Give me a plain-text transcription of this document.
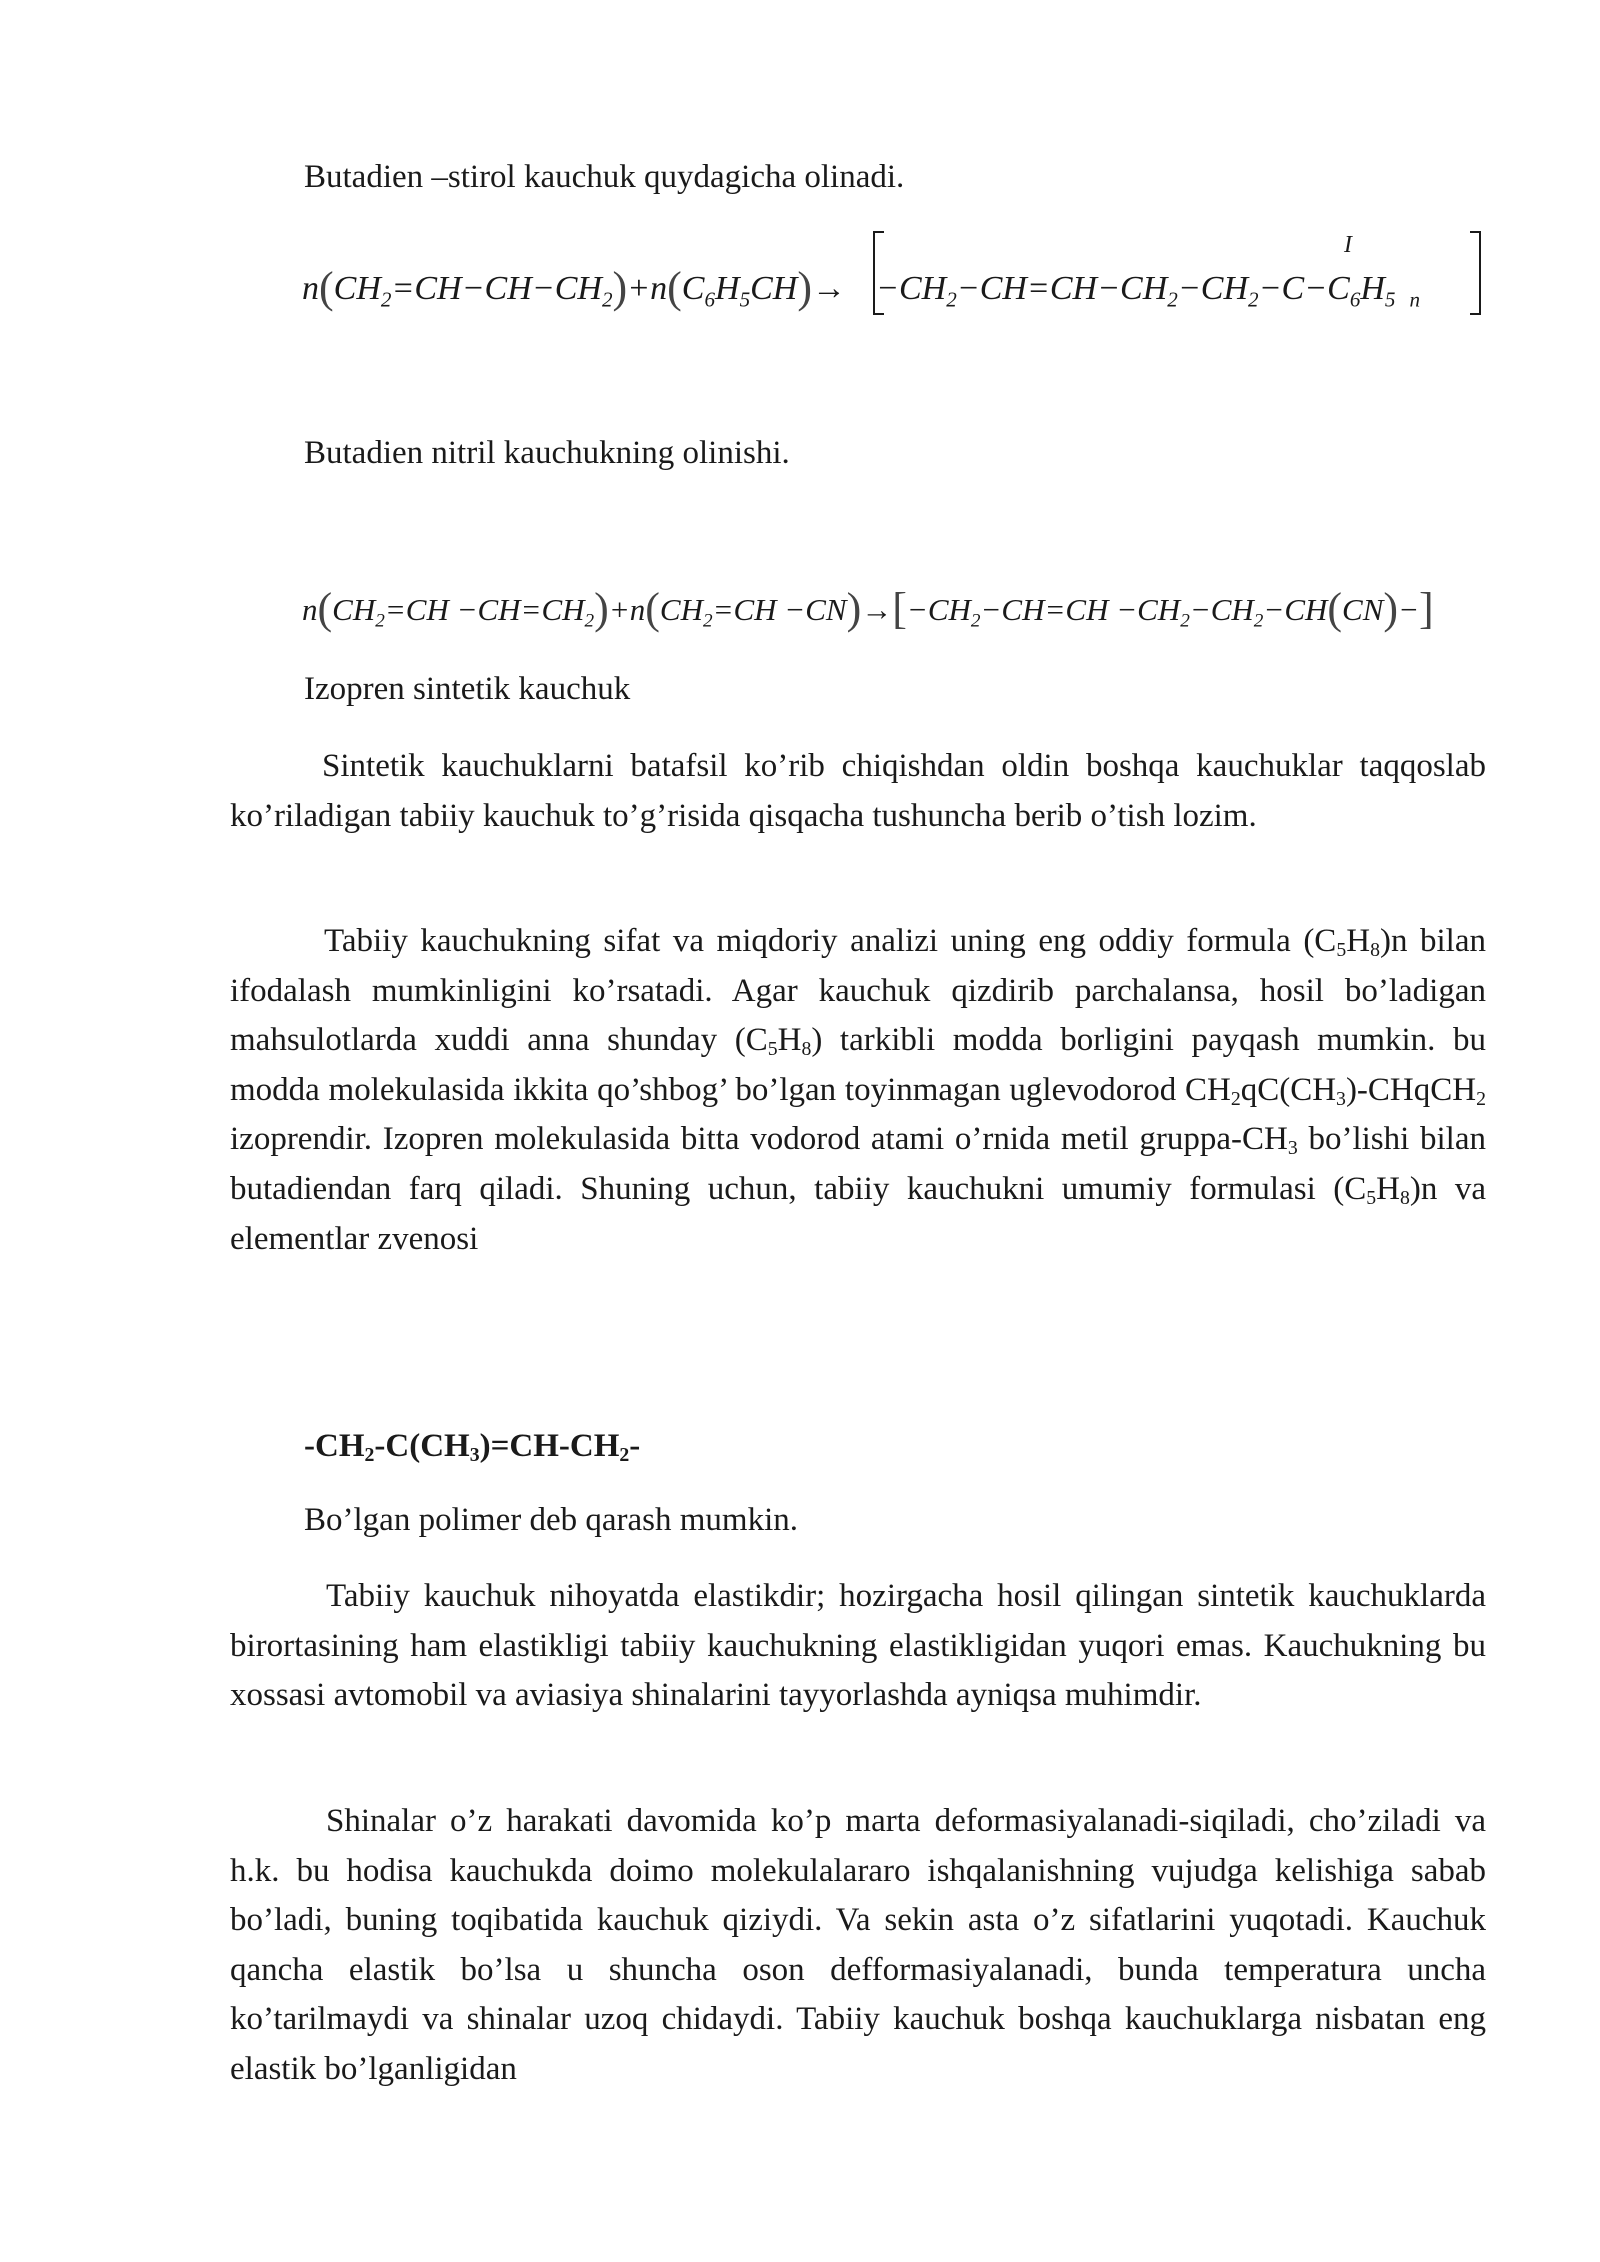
Butadien –stirol kauchuk quydagicha olinadi.
$n(CH_2=CH-CH-CH_2)+n(C_6H_5CH)\to -CH_2-CH=CH-CH_2-CH_2-C-C_6H_5$ $_n$
I
Butadien nitril kauchukning olinishi.
$n(CH_2=CH -CH=CH_2)+n(CH_2=CH -CN)\to[-CH_2-CH=CH -CH_2-CH_2-CH(CN)-]$
Izopren sintetik kauchuk
Sintetik kauchuklarni batafsil ko’rib chiqishdan oldin boshqa kauchuklar taqqoslab ko’riladigan tabiiy kauchuk to’g’risida qisqacha tushuncha berib o’tish lozim.
Tabiiy kauchukning sifat va miqdoriy analizi uning eng oddiy formula $(C_5H_8)n$ bilan ifodalash mumkinligini ko’rsatadi. Agar kauchuk qizdirib parchalansa, hosil bo’ladigan mahsulotlarda xuddi anna shunday $(C_5H_8)$ tarkibli modda borligini payqash mumkin. bu modda molekulasida ikkita qo’shbog’ bo’lgan toyinmagan uglevodorod $CH_2qC(CH_3)-CHqCH_2$ izoprendir. Izopren molekulasida bitta vodorod atami o’rnida metil gruppa-$CH_3$ bo’lishi bilan butadiendan farq qiladi. Shuning uchun, tabiiy kauchukni umumiy formulasi $(C_5H_8)n$ va elementlar zvenosi
$-CH_2-C(CH_3)=CH-CH_2-$
Bo’lgan polimer deb qarash mumkin.
Tabiiy kauchuk nihoyatda elastikdir; hozirgacha hosil qilingan sintetik kauchuklarda birortasining ham elastikligi tabiiy kauchukning elastikligidan yuqori emas. Kauchukning bu xossasi avtomobil va aviasiya shinalarini tayyorlashda ayniqsa muhimdir.
Shinalar o’z harakati davomida ko’p marta deformasiyalanadi-siqiladi, cho’ziladi va h.k. bu hodisa kauchukda doimo molekulalararo ishqalanishning vujudga kelishiga sabab bo’ladi, buning toqibatida kauchuk qiziydi. Va sekin asta o’z sifatlarini yuqotadi. Kauchuk qancha elastik bo’lsa u shuncha oson defformasiyalanadi, bunda temperatura uncha ko’tarilmaydi va shinalar uzoq chidaydi. Tabiiy kauchuk boshqa kauchuklarga nisbatan eng elastik bo’lganligidan
